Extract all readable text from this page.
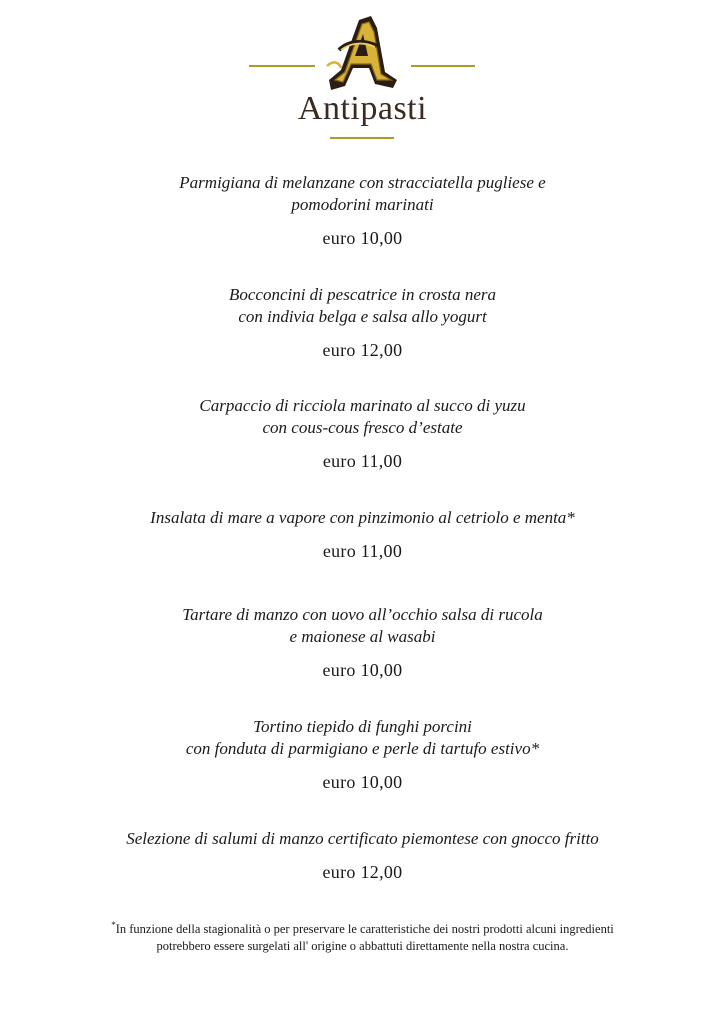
Antipasti
Parmigiana di melanzane con stracciatella pugliese e
pomodorini marinati
euro 10,00
Bocconcini di pescatrice in crosta nera
con indivia belga e salsa allo yogurt
euro 12,00
Carpaccio di ricciola marinato al succo di yuzu
con cous-cous fresco d’estate
euro 11,00
Insalata di mare a vapore con pinzimonio al cetriolo e menta*
euro 11,00
Tartare di manzo con uovo all’occhio salsa di rucola
e maionese al wasabi
euro 10,00
Tortino tiepido di funghi porcini
con fonduta di parmigiano e perle di tartufo estivo*
euro 10,00
Selezione di salumi di manzo certificato piemontese con gnocco fritto
euro 12,00
*In funzione della stagionalità o per preservare le caratteristiche dei nostri prodotti alcuni ingredienti
potrebbero essere surgelati all' origine o abbattuti direttamente nella nostra cucina.
